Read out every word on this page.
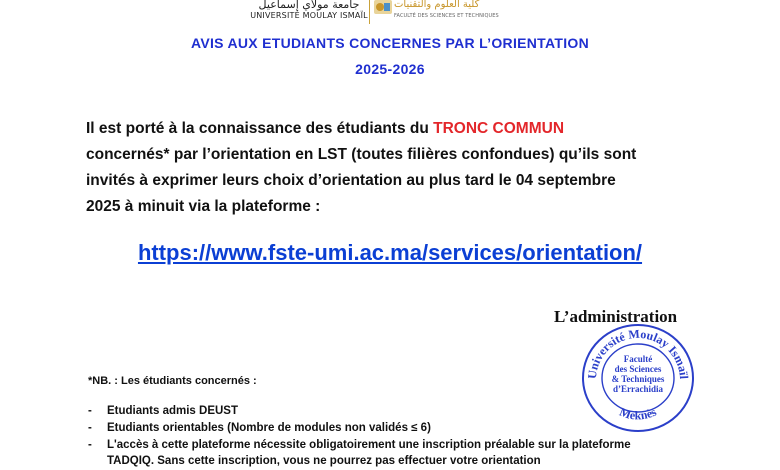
جامعة مولاي إسماعيل
UNIVERSITÉ MOULAY ISMAÏL
كلية العلوم والتقنيات
FACULTÉ DES SCIENCES ET TECHNIQUES
AVIS AUX ETUDIANTS CONCERNES PAR L’ORIENTATION
2025-2026
Il est porté à la connaissance des étudiants du TRONC COMMUN
concernés* par l’orientation en LST (toutes filières confondues) qu’ils sont
invités à exprimer leurs choix d’orientation au plus tard le 04 septembre
2025 à minuit via la plateforme :
https://www.fste-umi.ac.ma/services/orientation/
L’administration
Université Moulay Ismaïl
Meknès
Faculté
des Sciences
& Techniques
d’Errachidia
*NB. : Les étudiants concernés :
- Etudiants admis DEUST
- Etudiants orientables (Nombre de modules non validés ≤ 6)
- L'accès à cette plateforme nécessite obligatoirement une inscription préalable sur la plateforme
TADQIQ. Sans cette inscription, vous ne pourrez pas effectuer votre orientation
